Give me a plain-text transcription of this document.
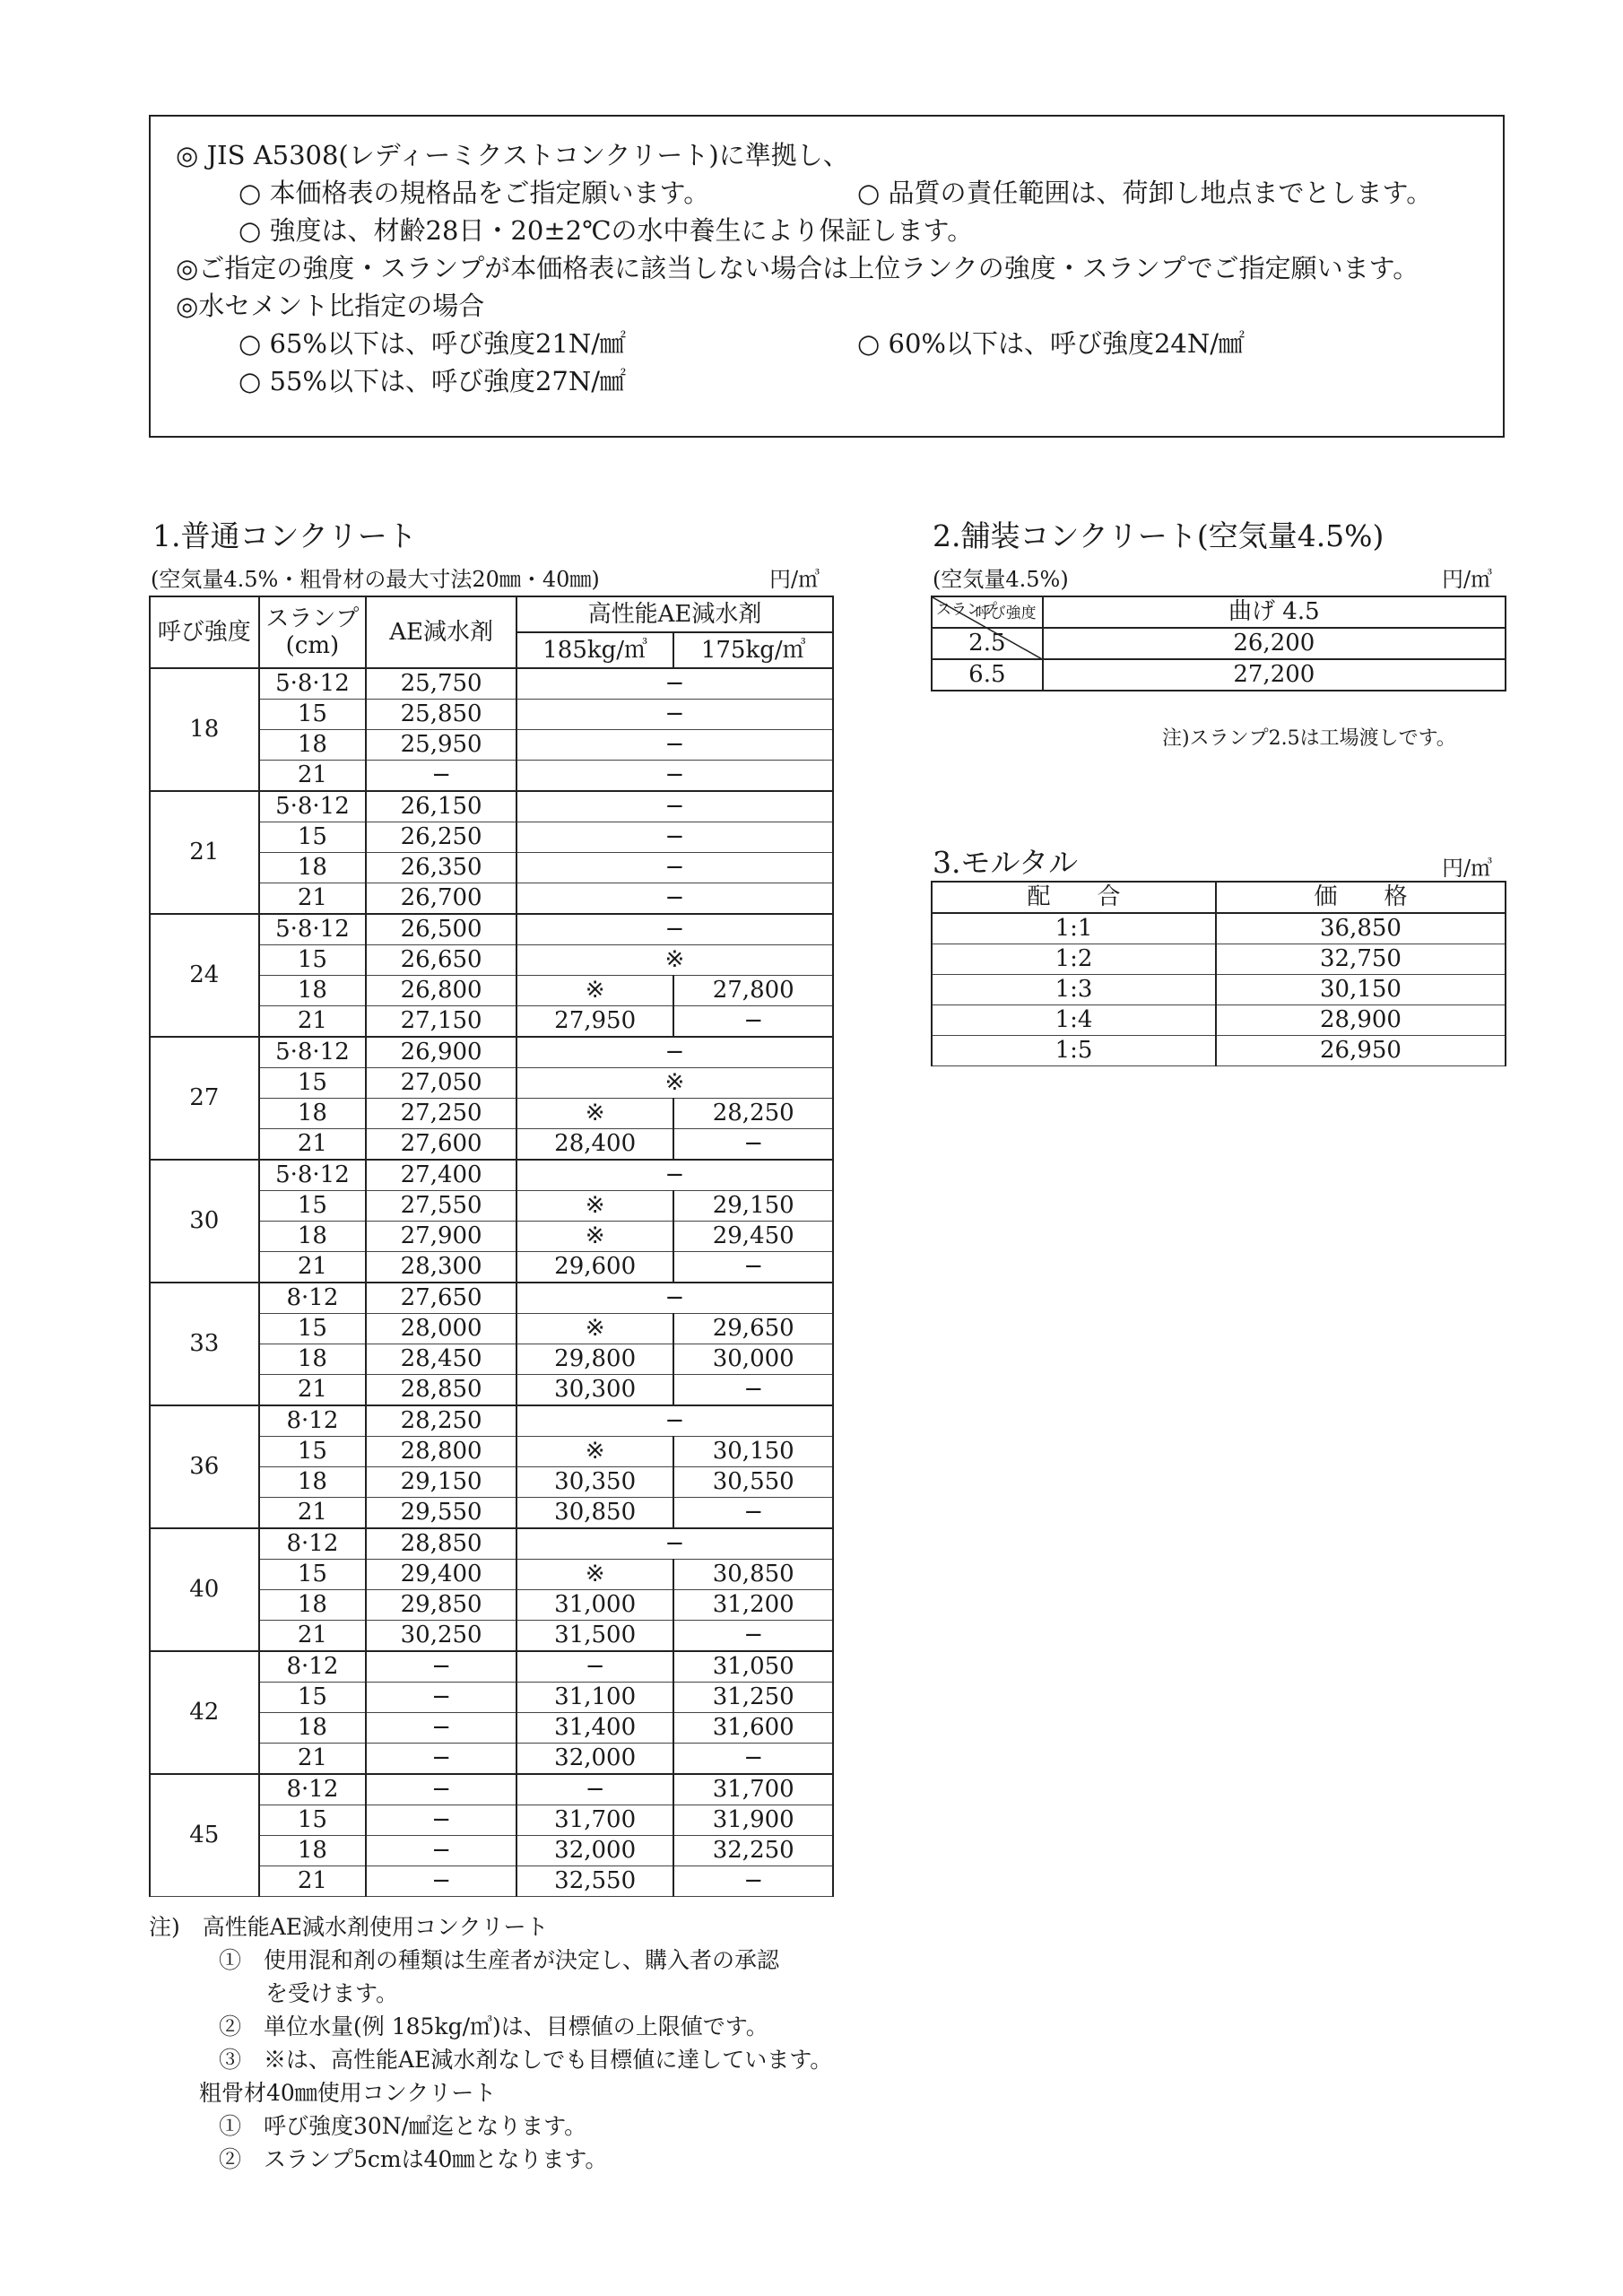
◎ JIS A5308(レディーミクストコンクリート)に準拠し、
○ 本価格表の規格品をご指定願います。	○ 品質の責任範囲は、荷卸し地点までとします。
○ 強度は、材齢28日・20±2℃の水中養生により保証します。
◎ご指定の強度・スランプが本価格表に該当しない場合は上位ランクの強度・スランプでご指定願います。
◎水セメント比指定の場合
○ 65%以下は、呼び強度21N/㎟	○ 60%以下は、呼び強度24N/㎟
○ 55%以下は、呼び強度27N/㎟
1.普通コンクリート
(空気量4.5%・粗骨材の最大寸法20㎜・40㎜)	円/㎥
呼び強度	スランプ
(cm)	AE減水剤	高性能AE減水剤	
			185kg/㎥	175kg/㎥
18	5·8·12	25,750	−	
	15	25,850	−	
	18	25,950	−	
	21	−	−	
21	5·8·12	26,150	−	
	15	26,250	−	
	18	26,350	−	
	21	26,700	−	
24	5·8·12	26,500	−	
	15	26,650	※	
	18	26,800	※	27,800
	21	27,150	27,950	−
27	5·8·12	26,900	−	
	15	27,050	※	
	18	27,250	※	28,250
	21	27,600	28,400	−
30	5·8·12	27,400	−	
	15	27,550	※	29,150
	18	27,900	※	29,450
	21	28,300	29,600	−
33	8·12	27,650	−	
	15	28,000	※	29,650
	18	28,450	29,800	30,000
	21	28,850	30,300	−
36	8·12	28,250	−	
	15	28,800	※	30,150
	18	29,150	30,350	30,550
	21	29,550	30,850	−
40	8·12	28,850	−	
	15	29,400	※	30,850
	18	29,850	31,000	31,200
	21	30,250	31,500	−
42	8·12	−	−	31,050
	15	−	31,100	31,250
	18	−	31,400	31,600
	21	−	32,000	−
45	8·12	−	−	31,700
	15	−	31,700	31,900
	18	−	32,000	32,250
	21	−	32,550	−
2.舗装コンクリート(空気量4.5%)
(空気量4.5%)	円/㎥
呼び強度
スランプ	曲げ 4.5
2.5	26,200
6.5	27,200
注)スランプ2.5は工場渡しです。
3.モルタル	円/㎥
配　　合	価　　格
1:1	36,850
1:2	32,750
1:3	30,150
1:4	28,900
1:5	26,950
注)　高性能AE減水剤使用コンクリート
①　使用混和剤の種類は生産者が決定し、購入者の承認
を受けます。
②　単位水量(例 185kg/㎥)は、目標値の上限値です。
③　※は、高性能AE減水剤なしでも目標値に達しています。
粗骨材40㎜使用コンクリート
①　呼び強度30N/㎟迄となります。
②　スランプ5cmは40㎜となります。
